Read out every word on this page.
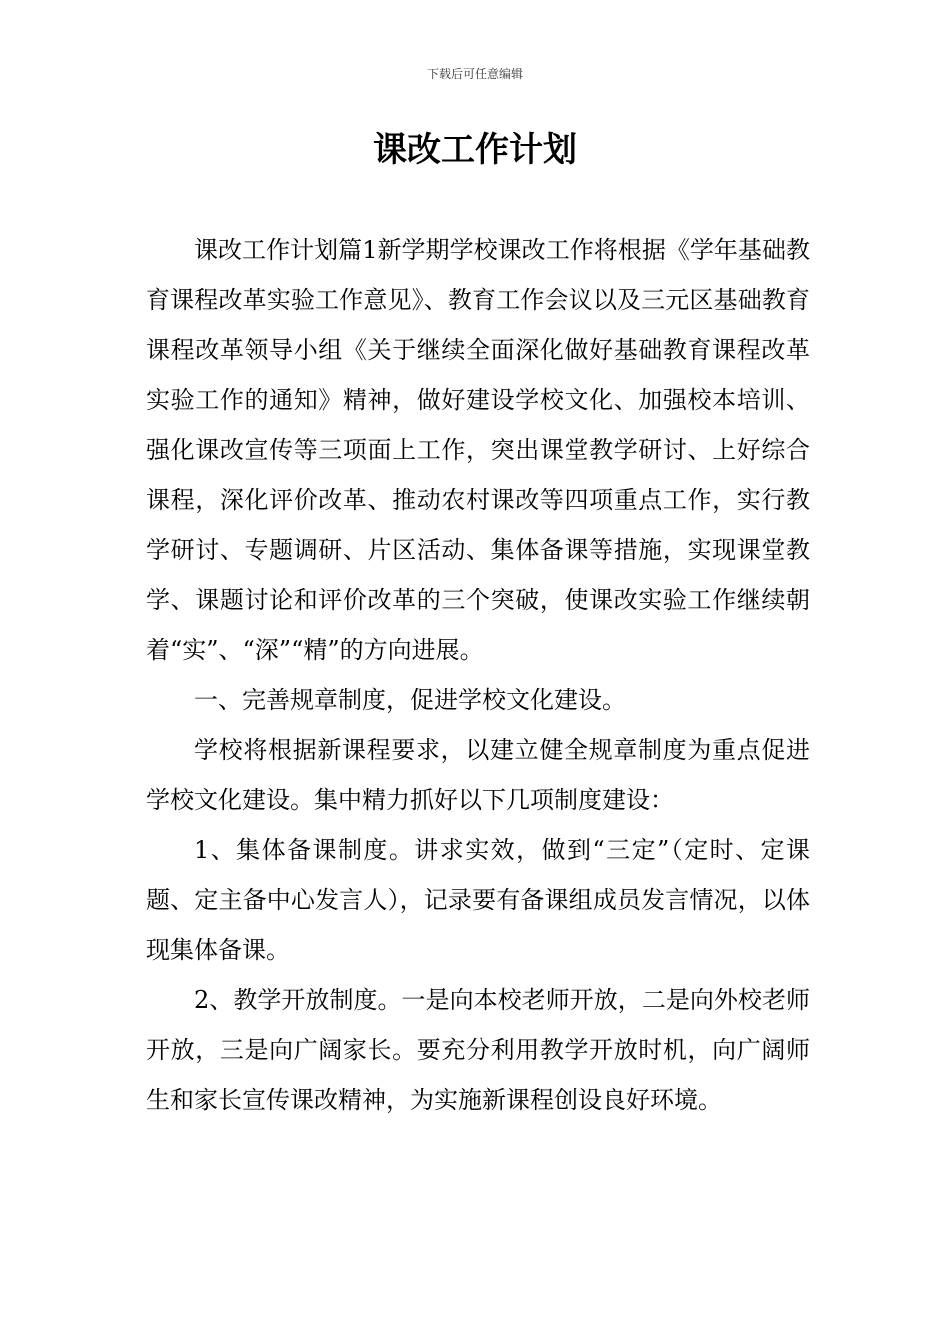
下载后可任意编辑
课改工作计划

课改工作计划篇1新学期学校课改工作将根据《学年基础教育课程改革实验工作意见》、教育工作会议以及三元区基础教育课程改革领导小组《关于继续全面深化做好基础教育课程改革实验工作的通知》精神，做好建设学校文化、加强校本培训、强化课改宣传等三项面上工作，突出课堂教学研讨、上好综合课程，深化评价改革、推动农村课改等四项重点工作，实行教学研讨、专题调研、片区活动、集体备课等措施，实现课堂教学、课题讨论和评价改革的三个突破，使课改实验工作继续朝着“实”、“深”“精”的方向进展。

一、完善规章制度，促进学校文化建设。

学校将根据新课程要求，以建立健全规章制度为重点促进学校文化建设。集中精力抓好以下几项制度建设：

1、集体备课制度。讲求实效，做到“三定”（定时、定课题、定主备中心发言人），记录要有备课组成员发言情况，以体现集体备课。

2、教学开放制度。一是向本校老师开放，二是向外校老师开放，三是向广阔家长。要充分利用教学开放时机，向广阔师生和家长宣传课改精神，为实施新课程创设良好环境。
